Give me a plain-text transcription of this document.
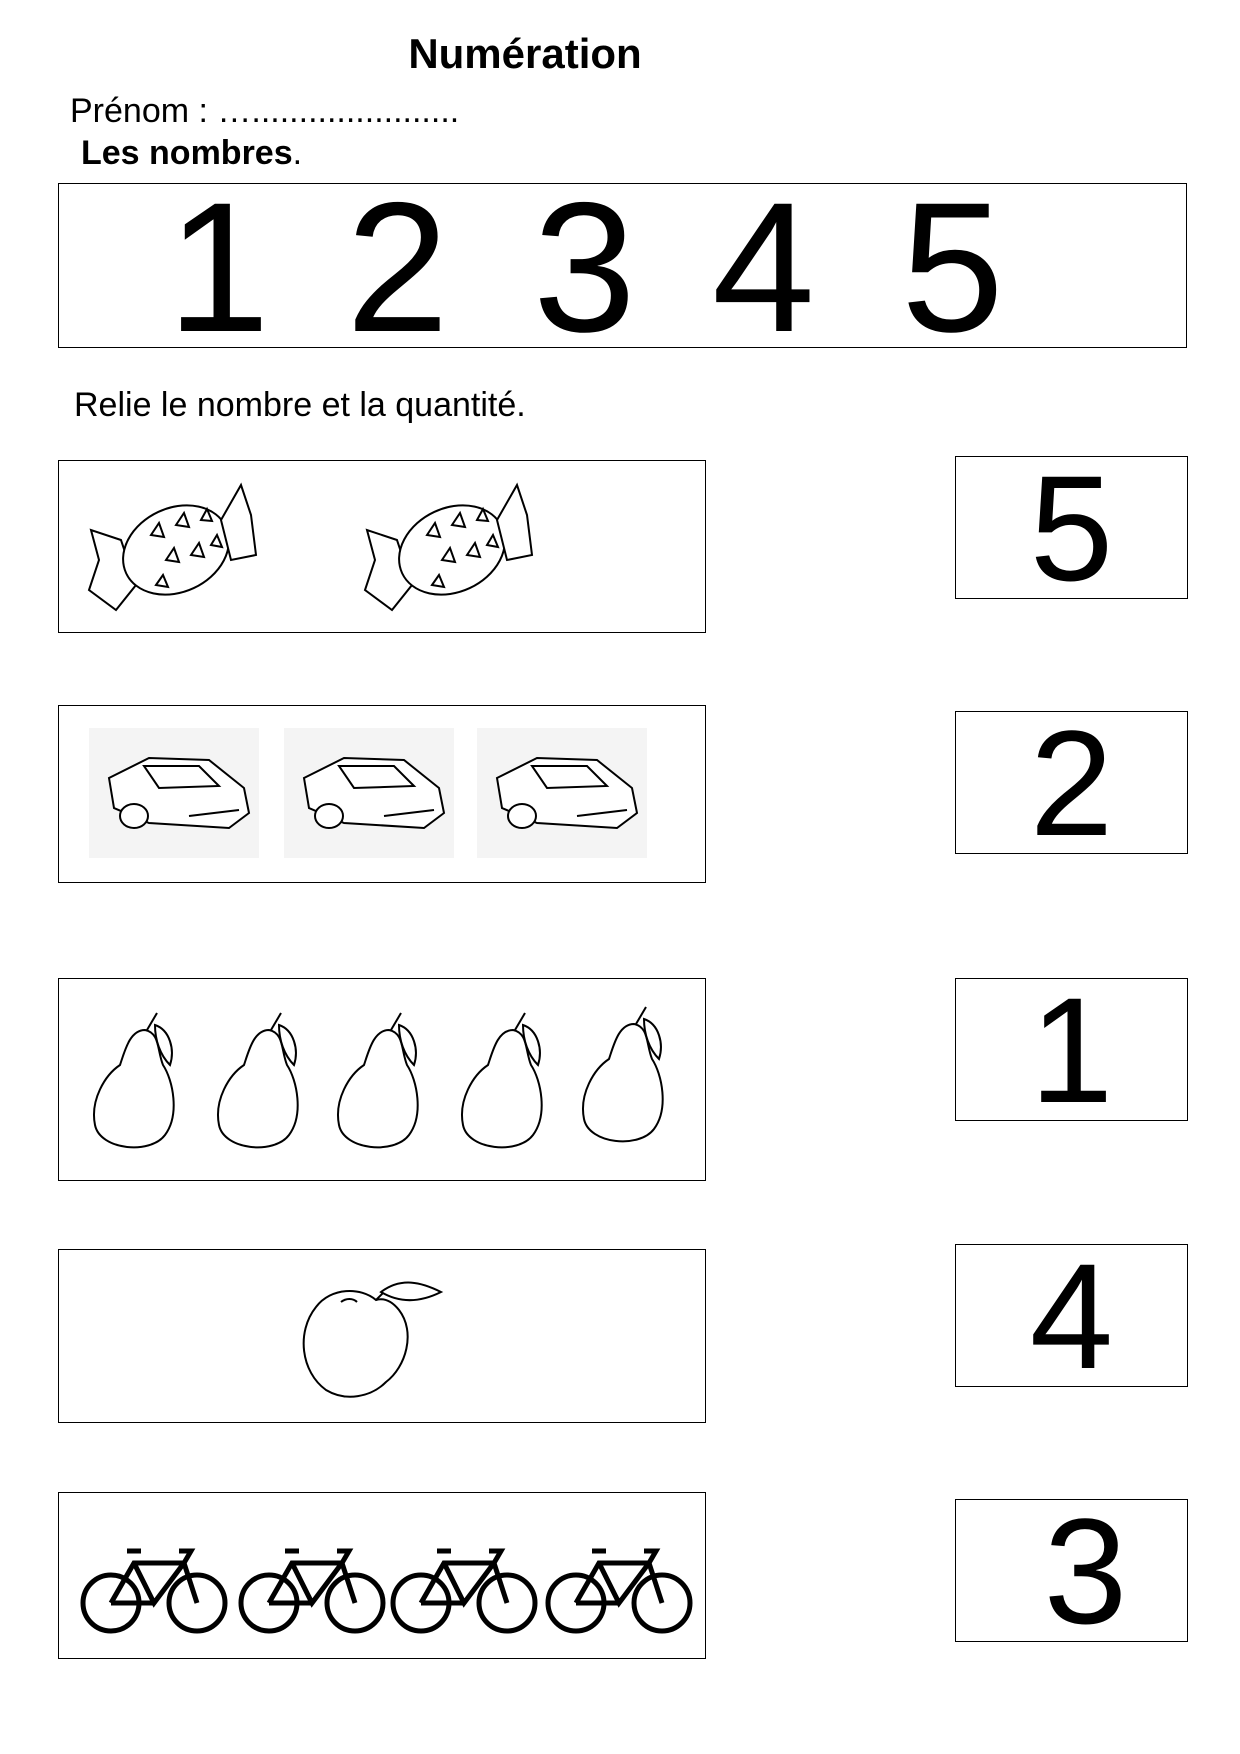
Numération
Prénom : …......................
Les nombres.
1 2 3 4 5
Relie le nombre et la quantité.
5
2
1
4
3
